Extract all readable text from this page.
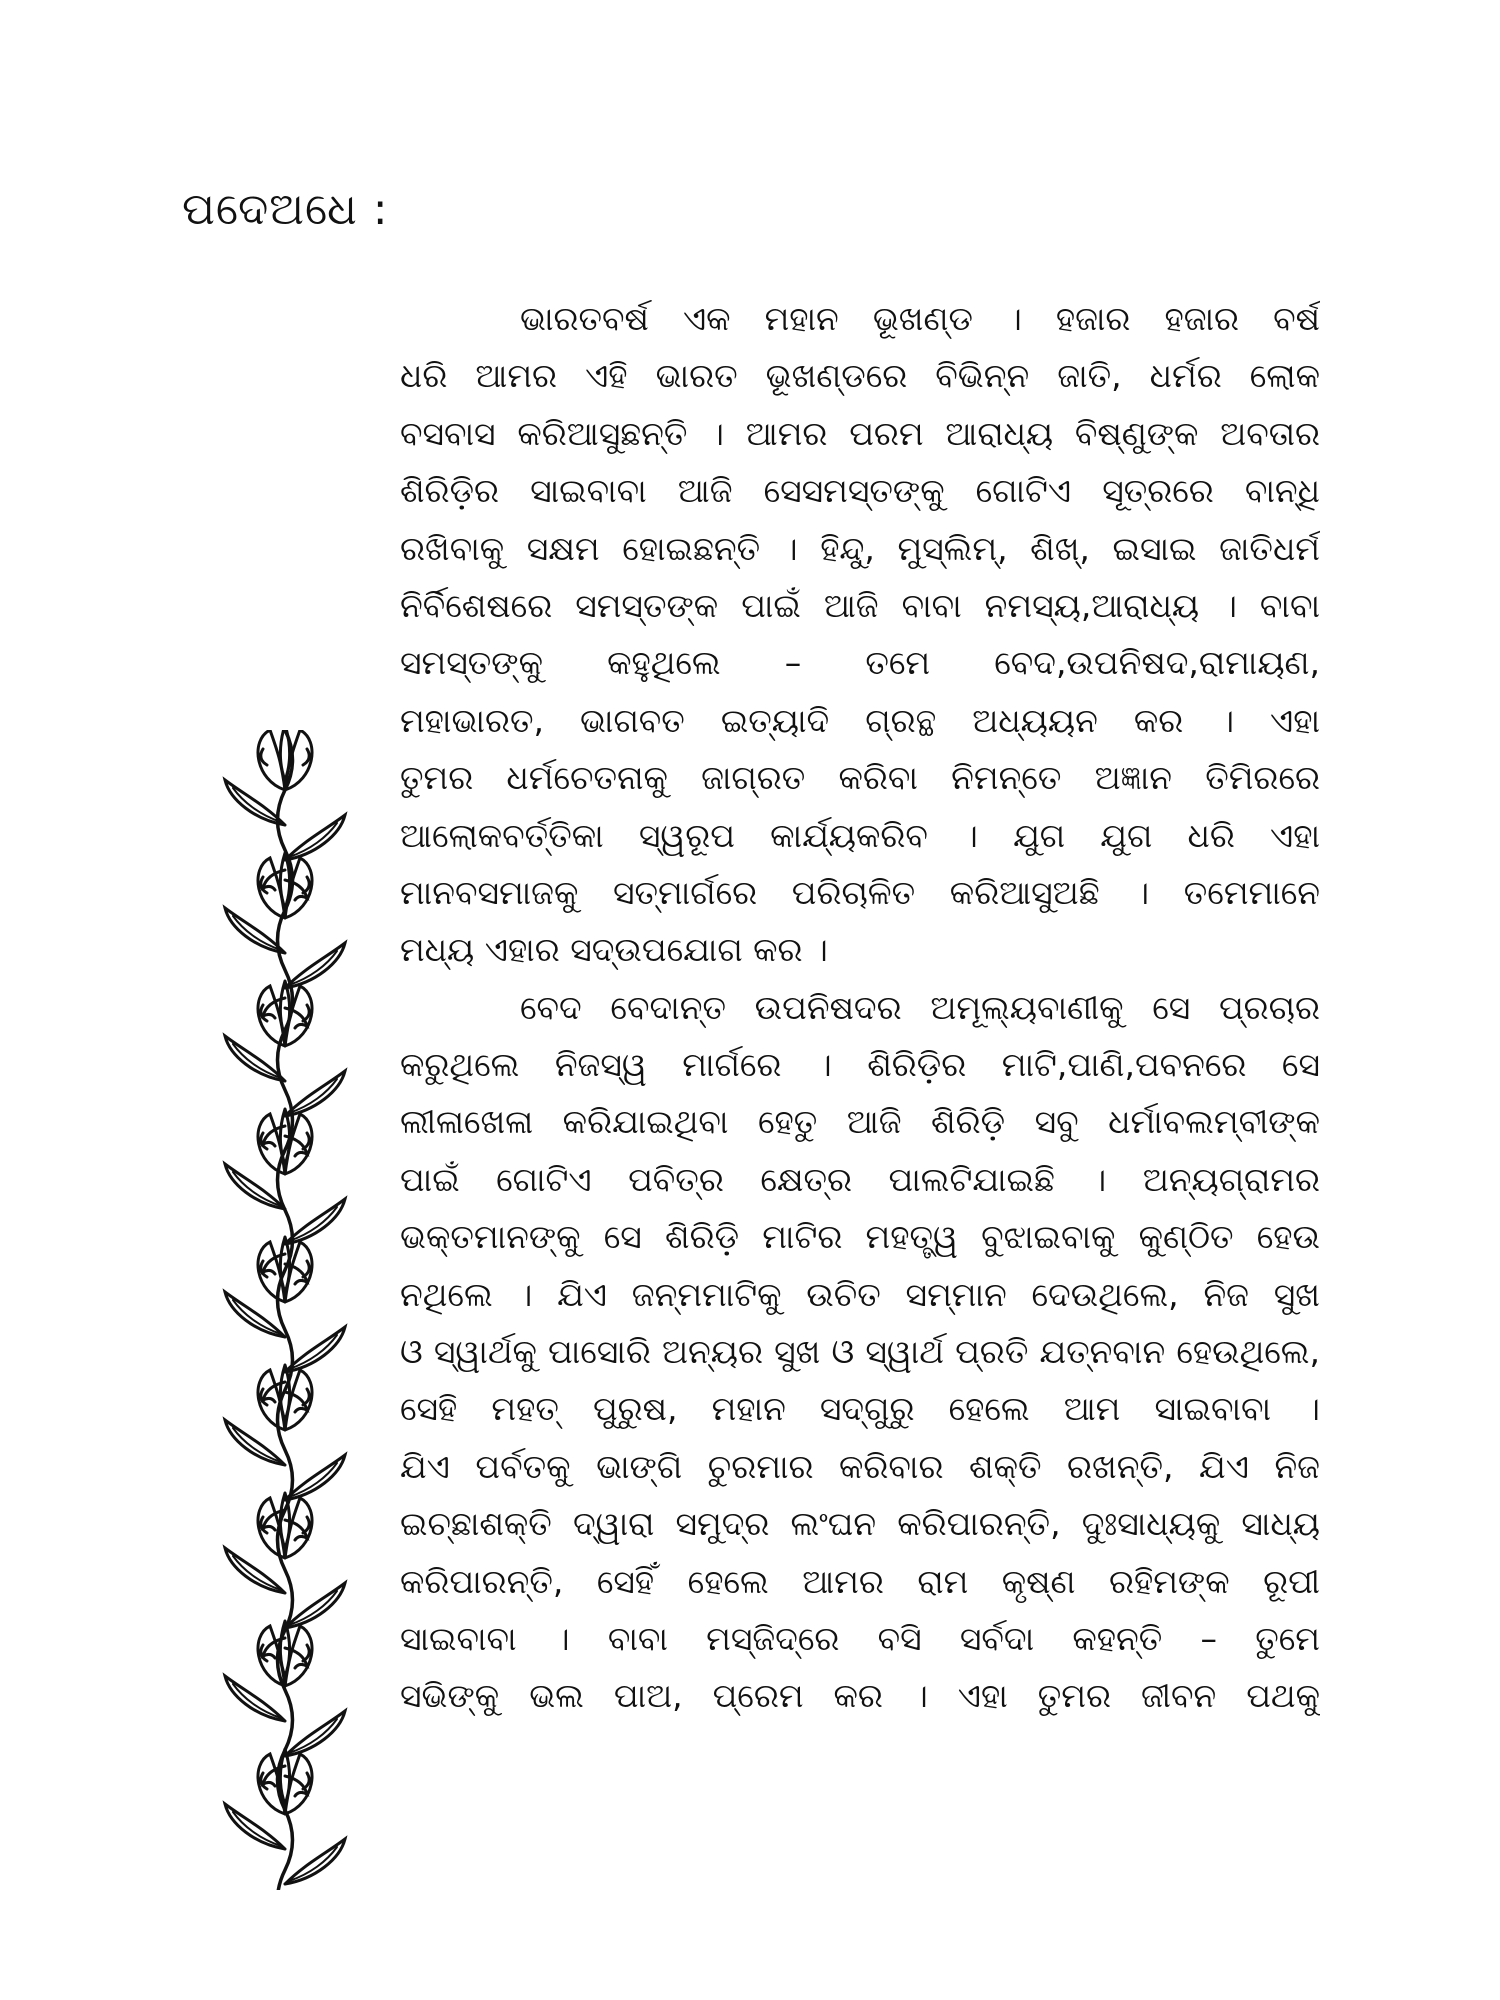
ପଦେଅଧେ :
ଭାରତବର୍ଷ ଏକ ମହାନ ଭୂଖଣ୍ଡ । ହଜାର ହଜାର ବର୍ଷ
ଧରି ଆମର ଏହି ଭାରତ ଭୂଖଣ୍ଡରେ ବିଭିନ୍ନ ଜାତି, ଧର୍ମର ଲୋକ
ବସବାସ କରିଆସୁଛନ୍ତି । ଆମର ପରମ ଆରାଧ୍ୟ ବିଷ୍ଣୁଙ୍କ ଅବତାର
ଶିରିଡ଼ିର ସାଇବାବା ଆଜି ସେସମସ୍ତଙ୍କୁ ଗୋଟିଏ ସୂତ୍ରରେ ବାନ୍ଧି
ରଖିବାକୁ ସକ୍ଷମ ହୋଇଛନ୍ତି । ହିନ୍ଦୁ, ମୁସ୍‌ଲିମ୍, ଶିଖ୍, ଇସାଇ ଜାତିଧର୍ମ
ନିର୍ବିଶେଷରେ ସମସ୍ତଙ୍କ ପାଇଁ ଆଜି ବାବା ନମସ୍ୟ,ଆରାଧ୍ୟ । ବାବା
ସମସ୍ତଙ୍କୁ କହୁଥିଲେ – ତମେ ବେଦ,ଉପନିଷଦ,ରାମାୟଣ,
ମହାଭାରତ, ଭାଗବତ ଇତ୍ୟାଦି ଗ୍ରନ୍ଥ ଅଧ୍ୟୟନ କର । ଏହା
ତୁମର ଧର୍ମଚେତନାକୁ ଜାଗ୍ରତ କରିବା ନିମନ୍ତେ ଅଜ୍ଞାନ ତିମିରରେ
ଆଲୋକବର୍ତ୍ତିକା ସ୍ୱରୂପ କାର୍ଯ୍ୟକରିବ । ଯୁଗ ଯୁଗ ଧରି ଏହା
ମାନବସମାଜକୁ ସତ୍‌ମାର୍ଗରେ ପରିଚାଳିତ କରିଆସୁଅଛି । ତମେମାନେ
ମଧ୍ୟ ଏହାର ସଦ୍‌ଉପଯୋଗ କର ।
ବେଦ ବେଦାନ୍ତ ଉପନିଷଦର ଅମୂଲ୍ୟବାଣୀକୁ ସେ ପ୍ରଚାର
କରୁଥିଲେ ନିଜସ୍ୱ ମାର୍ଗରେ । ଶିରିଡ଼ିର ମାଟି,ପାଣି,ପବନରେ ସେ
ଲୀଳାଖେଳା କରିଯାଇଥିବା ହେତୁ ଆଜି ଶିରିଡ଼ି ସବୁ ଧର୍ମାବଲମ୍ବୀଙ୍କ
ପାଇଁ ଗୋଟିଏ ପବିତ୍ର କ୍ଷେତ୍ର ପାଲଟିଯାଇଛି । ଅନ୍ୟଗ୍ରାମର
ଭକ୍ତମାନଙ୍କୁ ସେ ଶିରିଡ଼ି ମାଟିର ମହତ୍ତ୍ୱ ବୁଝାଇବାକୁ କୁଣ୍ଠିତ ହେଉ
ନଥିଲେ । ଯିଏ ଜନ୍ମମାଟିକୁ ଉଚିତ ସମ୍ମାନ ଦେଉଥିଲେ, ନିଜ ସୁଖ
ଓ ସ୍ୱାର୍ଥକୁ ପାସୋରି ଅନ୍ୟର ସୁଖ ଓ ସ୍ୱାର୍ଥ ପ୍ରତି ଯତ୍ନବାନ ହେଉଥିଲେ,
ସେହି ମହତ୍ ପୁରୁଷ, ମହାନ ସଦ୍‌ଗୁରୁ ହେଲେ ଆମ ସାଇବାବା ।
ଯିଏ ପର୍ବତକୁ ଭାଙ୍ଗି ଚୁରମାର କରିବାର ଶକ୍ତି ରଖନ୍ତି, ଯିଏ ନିଜ
ଇଚ୍ଛାଶକ୍ତି ଦ୍ୱାରା ସମୁଦ୍ର ଲଂଘନ କରିପାରନ୍ତି, ଦୁଃସାଧ୍ୟକୁ ସାଧ୍ୟ
କରିପାରନ୍ତି, ସେହିଁ ହେଲେ ଆମର ରାମ କୃଷ୍ଣ ରହିମଙ୍କ ରୂପୀ
ସାଇବାବା । ବାବା ମସ୍‌ଜିଦ୍‌ରେ ବସି ସର୍ବଦା କହନ୍ତି – ତୁମେ
ସଭିଙ୍କୁ ଭଲ ପାଅ, ପ୍ରେମ କର । ଏହା ତୁମର ଜୀବନ ପଥକୁ
